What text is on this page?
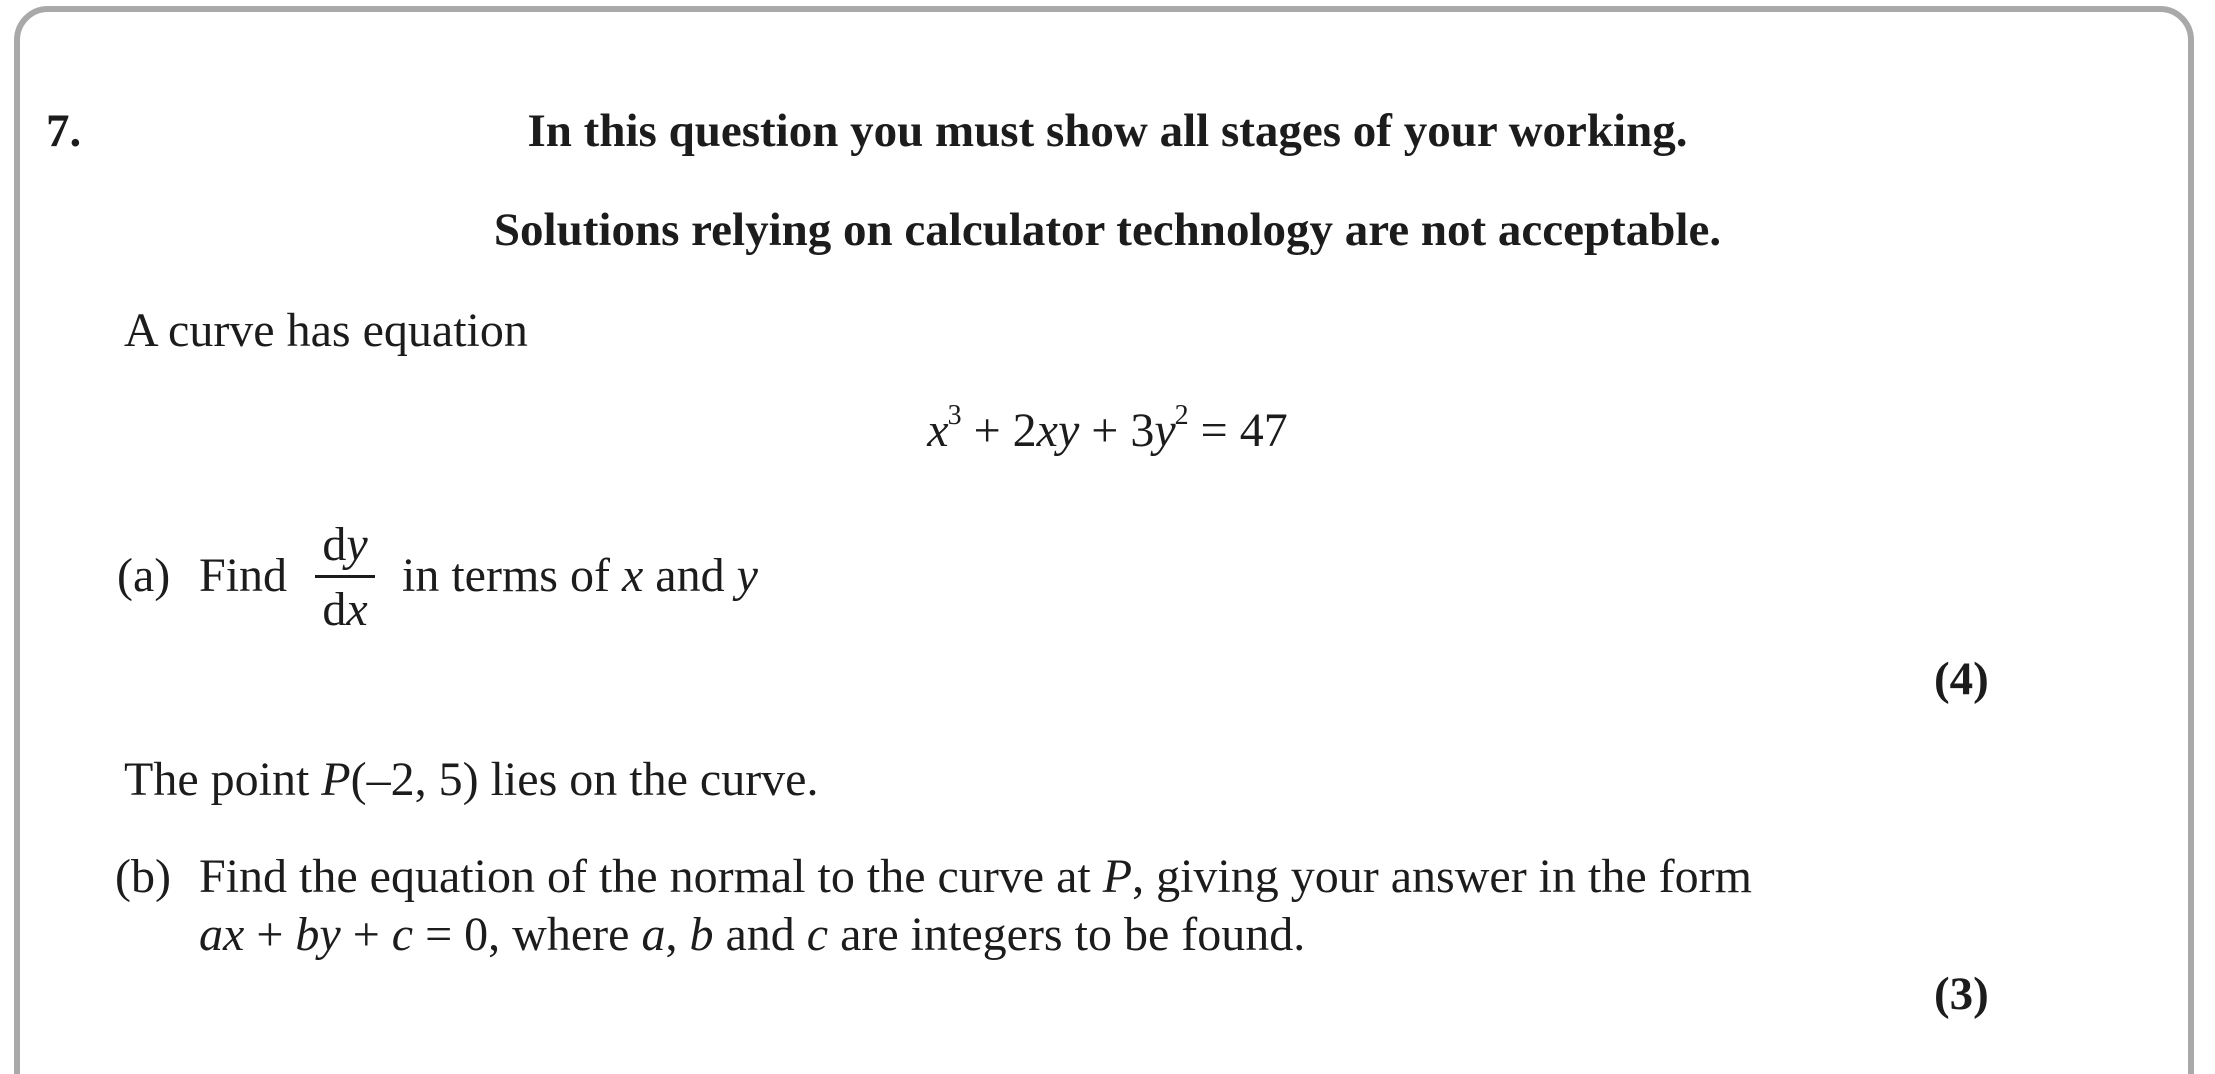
7.	In this question you must show all stages of your working.
Solutions relying on calculator technology are not acceptable.
A curve has equation
$x^3 + 2xy + 3y^2 = 47$
(a) Find
dy
dx
in terms of x and y
(4)
The point P(–2, 5) lies on the curve.
(b) Find the equation of the normal to the curve at P, giving your answer in the form
ax + by + c = 0, where a, b and c are integers to be found.
(3)
